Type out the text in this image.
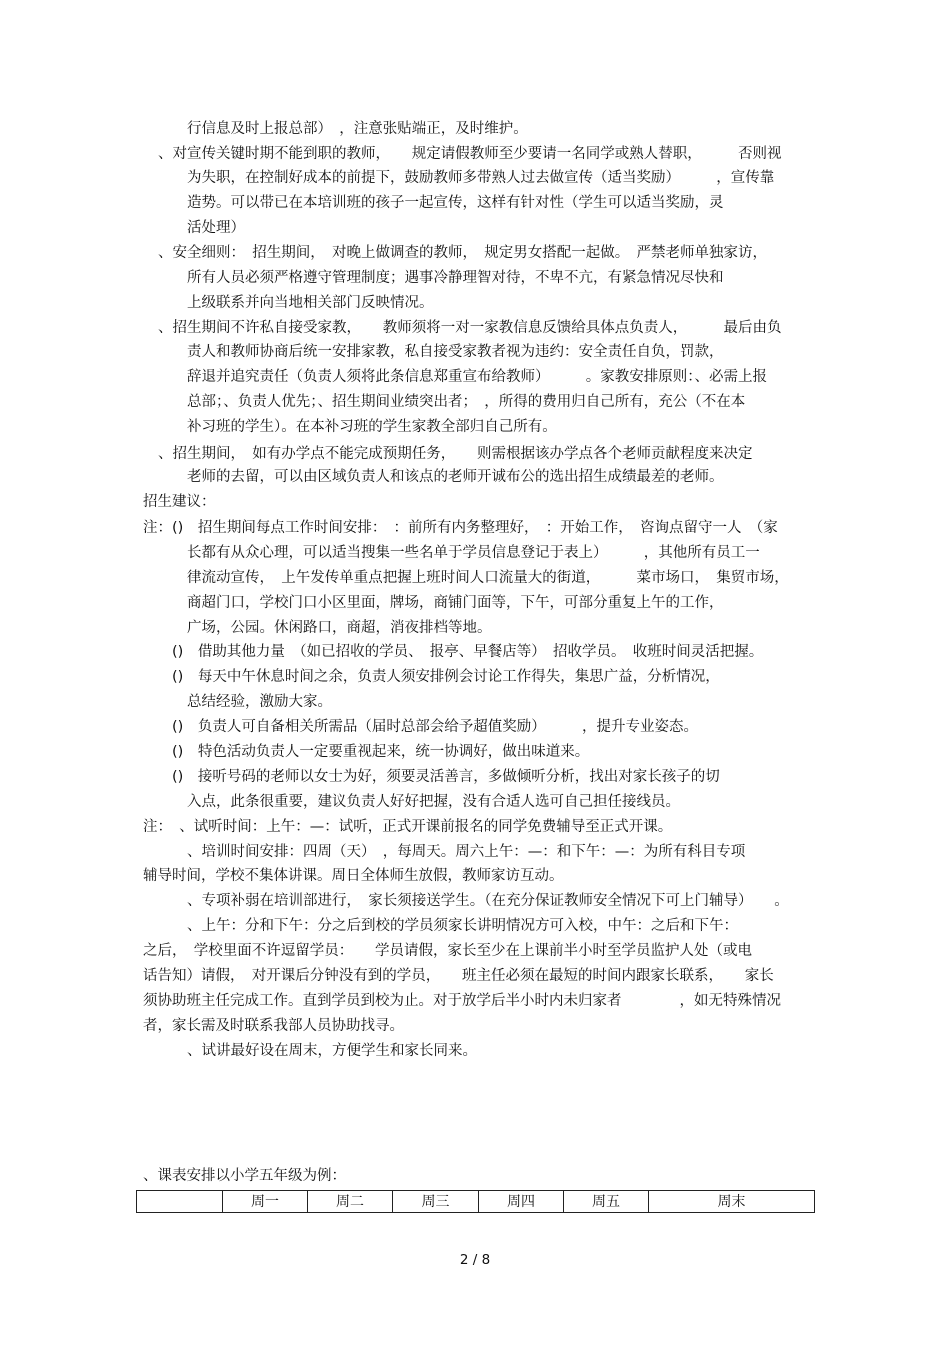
行信息及时上报总部）　，注意张贴端正，及时维护。
、对宣传关键时期不能到职的教师，　　规定请假教师至少要请一名同学或熟人替职，　　　否则视
为失职，在控制好成本的前提下，鼓励教师多带熟人过去做宣传（适当奖励）　　　，宣传靠
造势。可以带已在本培训班的孩子一起宣传，这样有针对性（学生可以适当奖励，灵
活处理）
、安全细则：　招生期间，　对晚上做调查的教师，　规定男女搭配一起做。　严禁老师单独家访，
所有人员必须严格遵守管理制度；遇事冷静理智对待，不卑不亢，有紧急情况尽快和
上级联系并向当地相关部门反映情况。
、招生期间不许私自接受家教，　　教师须将一对一家教信息反馈给具体点负责人，　　　最后由负
责人和教师协商后统一安排家教，私自接受家教者视为违约：安全责任自负，罚款，
辞退并追究责任（负责人须将此条信息郑重宣布给教师）　　　。家教安排原则：、必需上报
总部；、负责人优先；、招生期间业绩突出者；　，所得的费用归自己所有，充公（不在本
补习班的学生）。在本补习班的学生家教全部归自己所有。
、招生期间，　如有办学点不能完成预期任务，　　则需根据该办学点各个老师贡献程度来决定
老师的去留，可以由区域负责人和该点的老师开诚布公的选出招生成绩最差的老师。
招生建议：
注：()　招生期间每点工作时间安排：　：前所有内务整理好，　：开始工作，　咨询点留守一人　（家
长都有从众心理，可以适当搜集一些名单于学员信息登记于表上）　　　，其他所有员工一
律流动宣传，　上午发传单重点把握上班时间人口流量大的街道，　　　菜市场口，　集贸市场，
商超门口，学校门口小区里面，牌场，商铺门面等，下午，可部分重复上午的工作，
广场，公园。休闲路口，商超，消夜排档等地。
()　借助其他力量　（如已招收的学员、　报亭、早餐店等）　招收学员。　收班时间灵活把握。
()　每天中午休息时间之余，负责人须安排例会讨论工作得失，集思广益，分析情况，
总结经验，激励大家。
()　负责人可自备相关所需品（届时总部会给予超值奖励）　　　，提升专业姿态。
()　特色活动负责人一定要重视起来，统一协调好，做出味道来。
()　接听号码的老师以女士为好，须要灵活善言，多做倾听分析，找出对家长孩子的切
入点，此条很重要，建议负责人好好把握，没有合适人选可自己担任接线员。
注：　、试听时间：上午：—：试听，正式开课前报名的同学免费辅导至正式开课。
、培训时间安排：四周（天）　，每周天。周六上午：—：和下午：—：为所有科目专项
辅导时间，学校不集体讲课。周日全体师生放假，教师家访互动。
、专项补弱在培训部进行，　家长须接送学生。（在充分保证教师安全情况下可上门辅导）　　。
、上午：分和下午：分之后到校的学员须家长讲明情况方可入校，中午：之后和下午：
之后，　学校里面不许逗留学员：　　学员请假，家长至少在上课前半小时至学员监护人处（或电
话告知）请假，　对开课后分钟没有到的学员，　　班主任必须在最短的时间内跟家长联系，　　家长
须协助班主任完成工作。直到学员到校为止。对于放学后半小时内未归家者　　　　，如无特殊情况
者，家长需及时联系我部人员协助找寻。
、试讲最好设在周末，方便学生和家长同来。
、课表安排以小学五年级为例：
	周一	周二	周三	周四	周五	周末
2 / 8
